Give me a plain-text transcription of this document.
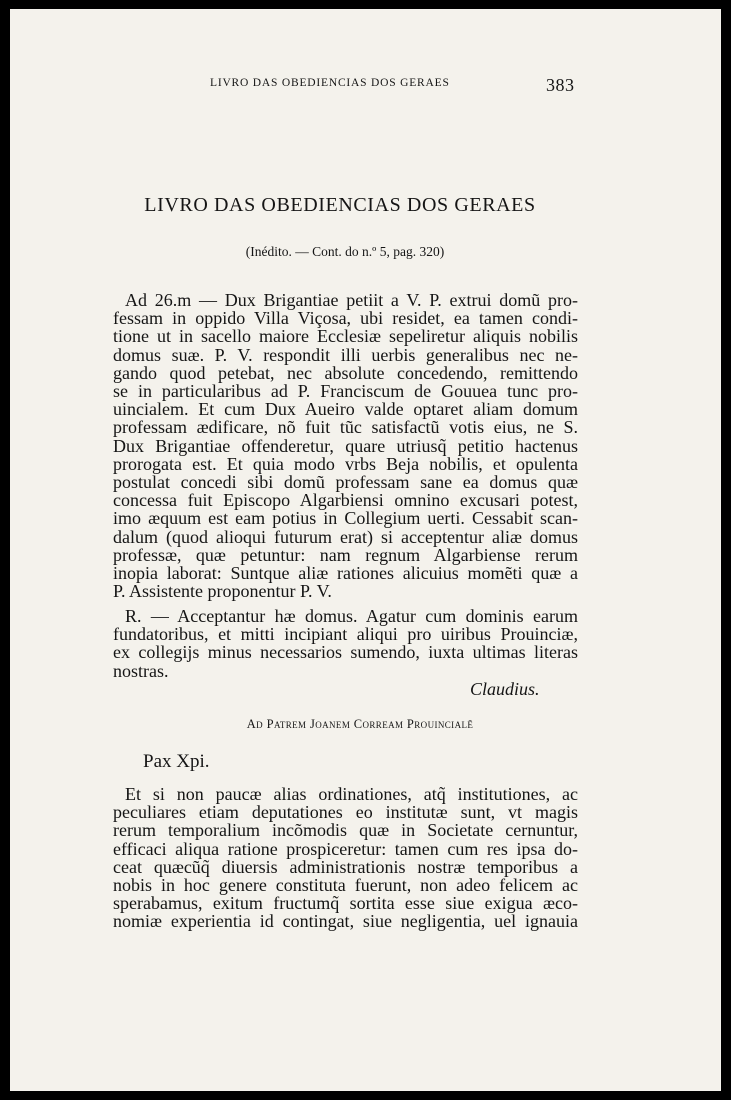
LIVRO DAS OBEDIENCIAS DOS GERAES	383
LIVRO DAS OBEDIENCIAS DOS GERAES
(Inédito. — Cont. do n.º 5, pag. 320)
Ad 26.m — Dux Brigantiae petiit a V. P. extrui domũ pro-
fessam in oppido Villa Viçosa, ubi residet, ea tamen condi-
tione ut in sacello maiore Ecclesiæ sepeliretur aliquis nobilis
domus suæ. P. V. respondit illi uerbis generalibus nec ne-
gando quod petebat, nec absolute concedendo, remittendo
se in particularibus ad P. Franciscum de Gouuea tunc pro-
uincialem. Et cum Dux Aueiro valde optaret aliam domum
professam ædificare, nõ fuit tũc satisfactũ votis eius, ne S.
Dux Brigantiae offenderetur, quare utriusq̃ petitio hactenus
prorogata est. Et quia modo vrbs Beja nobilis, et opulenta
postulat concedi sibi domũ professam sane ea domus quæ
concessa fuit Episcopo Algarbiensi omnino excusari potest,
imo æquum est eam potius in Collegium uerti. Cessabit scan-
dalum (quod alioqui futurum erat) si acceptentur aliæ domus
professæ, quæ petuntur: nam regnum Algarbiense rerum
inopia laborat: Suntque aliæ rationes alicuius momẽti quæ a
P. Assistente proponentur P. V.
R. — Acceptantur hæ domus. Agatur cum dominis earum
fundatoribus, et mitti incipiant aliqui pro uiribus Prouinciæ,
ex collegijs minus necessarios sumendo, iuxta ultimas literas
nostras.
Claudius.
Ad Patrem Joanem Corream Prouincialẽ
Pax Xpi.
Et si non paucæ alias ordinationes, atq̃ institutiones, ac
peculiares etiam deputationes eo institutæ sunt, vt magis
rerum temporalium incõmodis quæ in Societate cernuntur,
efficaci aliqua ratione prospiceretur: tamen cum res ipsa do-
ceat quæcũq̃ diuersis administrationis nostræ temporibus a
nobis in hoc genere constituta fuerunt, non adeo felicem ac
sperabamus, exitum fructumq̃ sortita esse siue exigua æco-
nomiæ experientia id contingat, siue negligentia, uel ignauia
